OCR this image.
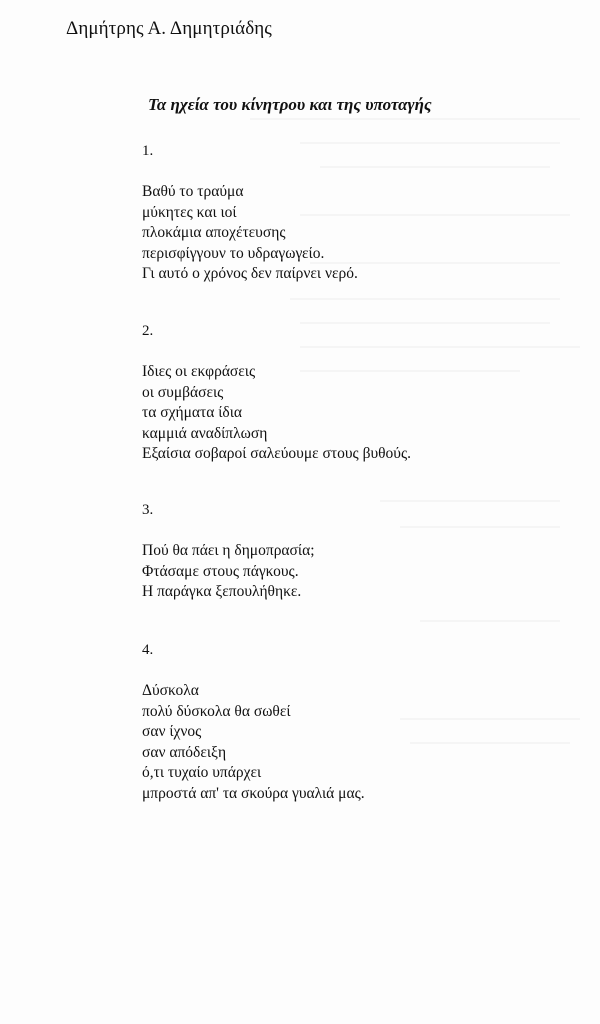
Δημήτρης Α. Δημητριάδης
Τα ηχεία του κίνητρου και της υποταγής
1.
Βαθύ το τραύμα
μύκητες και ιοί
πλοκάμια αποχέτευσης
περισφίγγουν το υδραγωγείο.
Γι αυτό ο χρόνος δεν παίρνει νερό.
2.
Ιδιες οι εκφράσεις
οι συμβάσεις
τα σχήματα ίδια
καμμιά αναδίπλωση
Εξαίσια σοβαροί σαλεύουμε στους βυθούς.
3.
Πού θα πάει η δημοπρασία;
Φτάσαμε στους πάγκους.
Η παράγκα ξεπουλήθηκε.
4.
Δύσκολα
πολύ δύσκολα θα σωθεί
σαν ίχνος
σαν απόδειξη
ό,τι τυχαίο υπάρχει
μπροστά απ' τα σκούρα γυαλιά μας.
